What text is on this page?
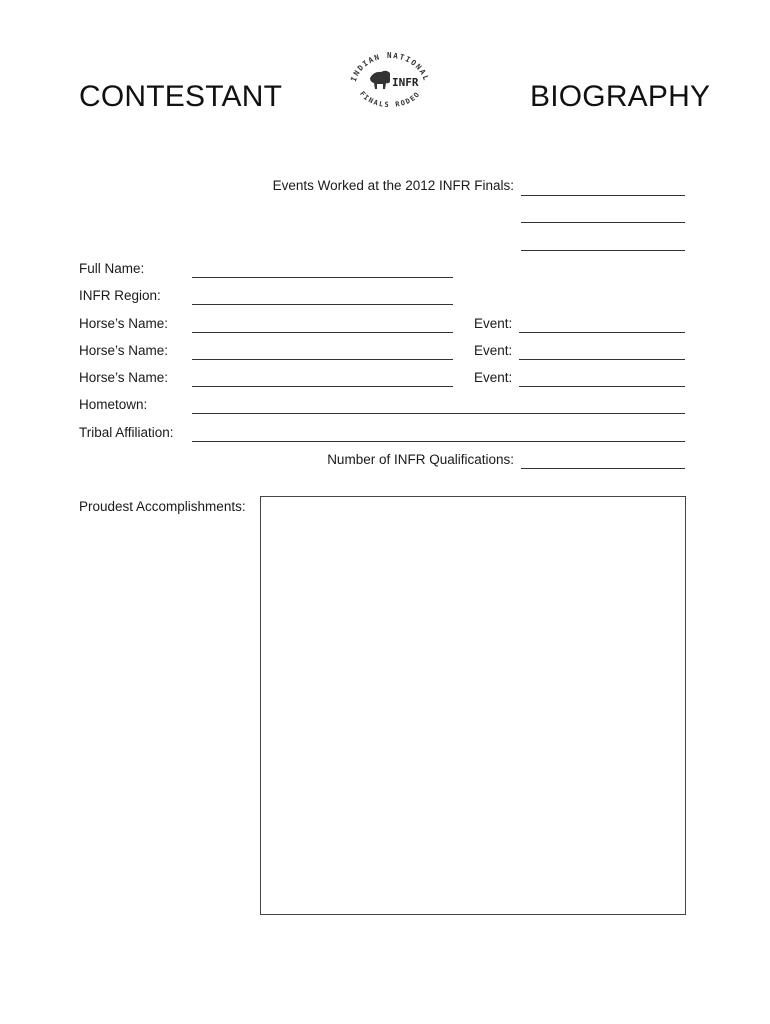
CONTESTANT	BIOGRAPHY
INDIAN NATIONAL
FINALS RODEO
INFR
Events Worked at the 2012 INFR Finals:
Full Name:
INFR Region:
Horse’s Name:	Event:
Horse’s Name:	Event:
Horse’s Name:	Event:
Hometown:
Tribal Affiliation:
Number of INFR Qualifications:
Proudest Accomplishments:
